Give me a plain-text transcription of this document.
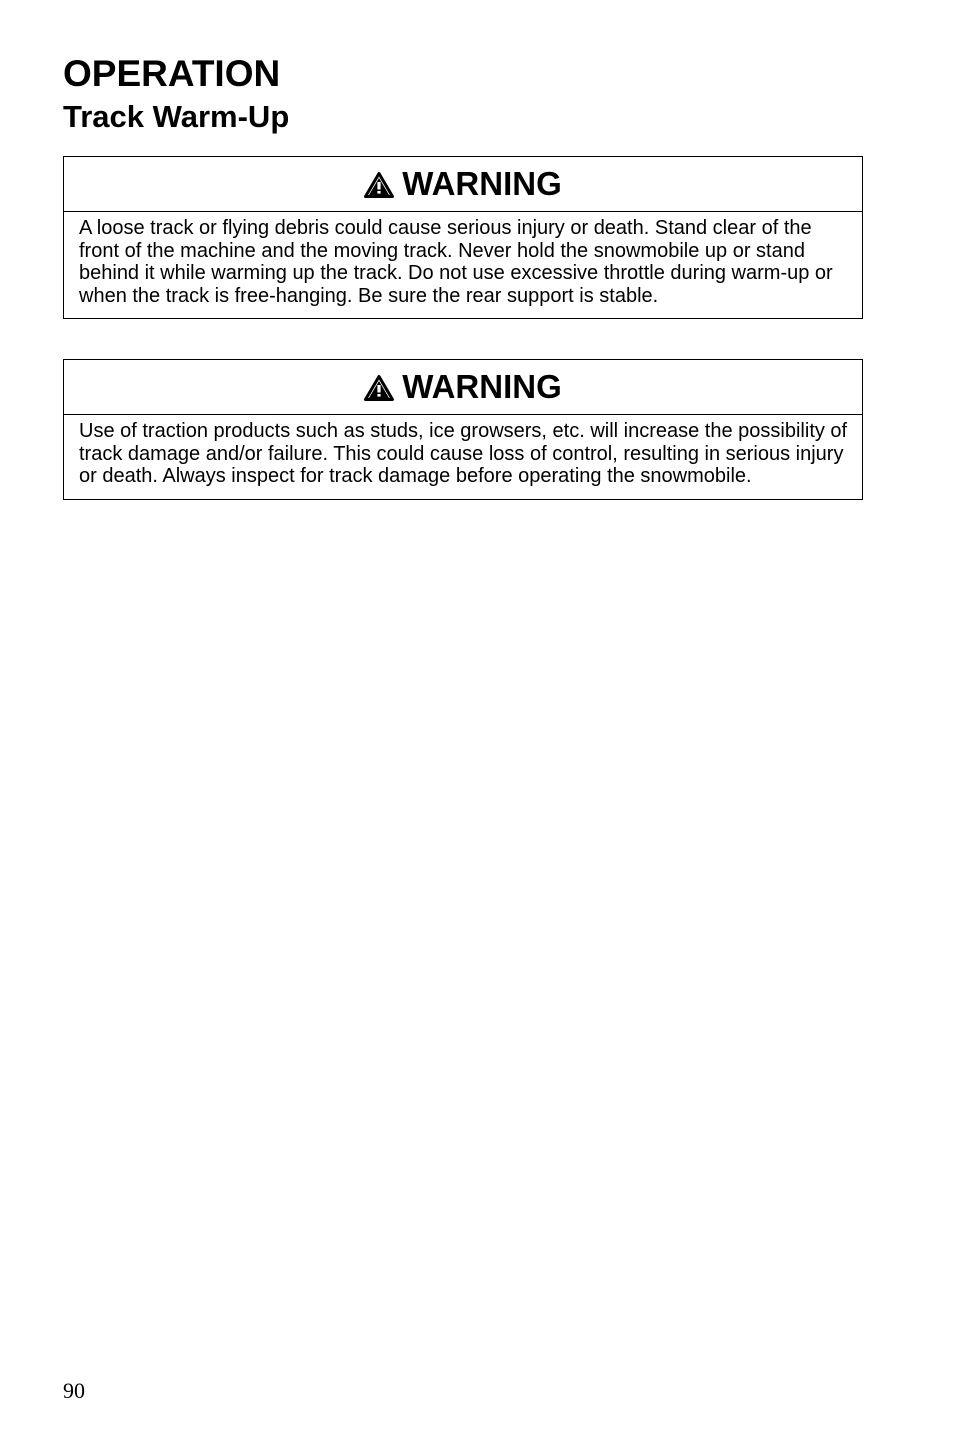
OPERATION
Track Warm-Up
WARNING

A loose track or flying debris could cause serious injury or death. Stand clear of the front of the machine and the moving track. Never hold the snowmobile up or stand behind it while warming up the track. Do not use excessive throttle during warm-up or when the track is free-hanging. Be sure the rear support is stable.

WARNING

Use of traction products such as studs, ice growsers, etc. will increase the possibility of track damage and/or failure. This could cause loss of control, resulting in serious injury or death. Always inspect for track damage before operating the snowmobile.

90
